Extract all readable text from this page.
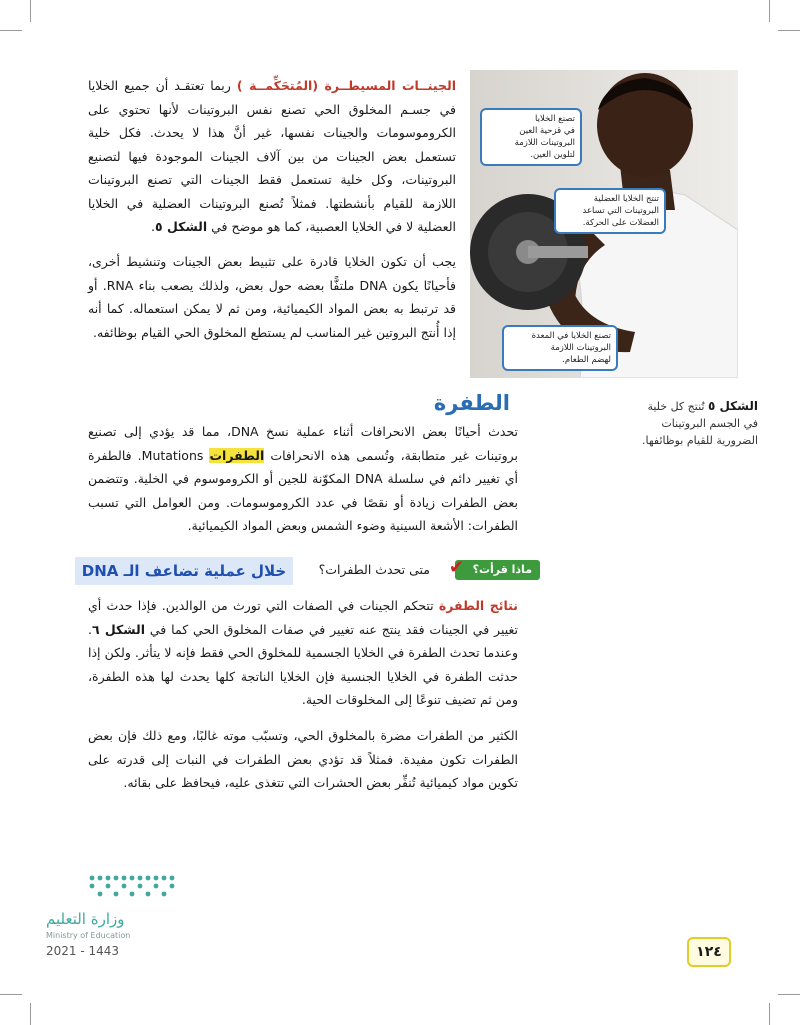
الجينــات المسيطــرة (المُتحَكِّمــة ) ربما تعتقـد أن جميع الخلايا في جسـم المخلوق الحي تصنع نفس البروتينات لأنها تحتوي على الكروموسومات والجينات نفسها، غير أنَّ هذا لا يحدث. فكل خلية تستعمل بعض الجينات من بين آلاف الجينات الموجودة فيها لتصنيع البروتينات، وكل خلية تستعمل فقط الجينات التي تصنع البروتينات اللازمة للقيام بأنشطتها. فمثلاً تُصنع البروتينات العضلية في الخلايا العضلية لا في الخلايا العصبية، كما هو موضح في الشكل ٥.

يجب أن تكون الخلايا قادرة على تثبيط بعض الجينات وتنشيط أخرى، فأحيانًا يكون DNA ملتفًّا بعضه حول بعض، ولذلك يصعب بناء RNA. أو قد ترتبط به بعض المواد الكيميائية، ومن ثم لا يمكن استعماله. كما أنه إذا أُنتج البروتين غير المناسب لم يستطع المخلوق الحي القيام بوظائفه.

تصنع الخلايا
في قزحية العين
البروتينات اللازمة
لتلوين العين.
تنتج الخلايا العضلية
البروتينات التي تساعد
العضلات على الحركة.
تصنع الخلايا في المعدة
البروتينات اللازمة
لهضم الطعام.
الشكل ٥ تُنتج كل خلية في الجسم البروتينات الضرورية للقيام بوظائفها.
الطفرة

تحدث أحيانًا بعض الانحرافات أثناء عملية نسخ DNA، مما قد يؤدي إلى تصنيع بروتينات غير متطابقة، وتُسمى هذه الانحرافات الطفرات Mutations. فالطفرة أي تغيير دائم في سلسلة DNA المكوّنة للجين أو الكروموسوم في الخلية. وتتضمن بعض الطفرات زيادة أو نقصًا في عدد الكروموسومات. ومن العوامل التي تسبب الطفرات: الأشعة السينية وضوء الشمس وبعض المواد الكيميائية.

ماذا قرأت؟
✔
متى تحدث الطفرات؟
خلال عملية تضاعف الـ DNA

نتائج الطفرة تتحكم الجينات في الصفات التي تورث من الوالدين. فإذا حدث أي تغيير في الجينات فقد ينتج عنه تغيير في صفات المخلوق الحي كما في الشكل ٦. وعندما تحدث الطفرة في الخلايا الجسمية للمخلوق الحي فقط فإنه لا يتأثر. ولكن إذا حدثت الطفرة في الخلايا الجنسية فإن الخلايا الناتجة كلها يحدث لها هذه الطفرة، ومن ثم تضيف تنوعًا إلى المخلوقات الحية.

الكثير من الطفرات مضرة بالمخلوق الحي، وتسبّب موته غالبًا، ومع ذلك فإن بعض الطفرات تكون مفيدة. فمثلاً قد تؤدي بعض الطفرات في النبات إلى قدرته على تكوين مواد كيميائية تُنفِّر بعض الحشرات التي تتغذى عليه، فيحافظ على بقائه.

وزارة التعليم
Ministry of Education
2021 - 1443	١٢٤
